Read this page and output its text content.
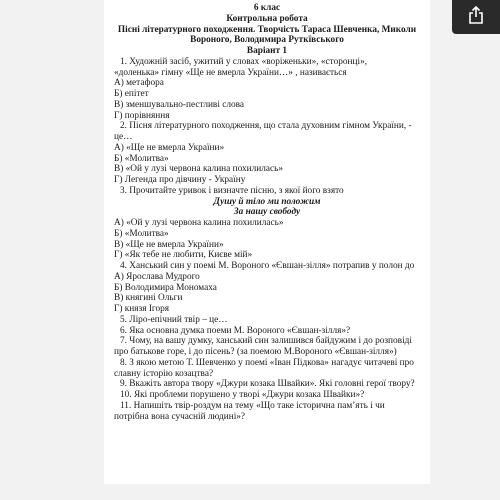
6 клас

Контрольна робота

Пісні літературного походження. Творчість Тараса Шевченка, Миколи

Вороного, Володимира Руткївського

Варіант 1

1. Художній засіб, ужитий у словах «воріженьки», «сторонці»,

«доленька» гімну «Ще не вмерла України…» , називається

А) метафора

Б) епітет

В) зменшувально-пестливі слова

Г) порівняння

2. Пісня літературного походження, що стала духовним гімном України, -

це…

А) «Ще не вмерла України»

Б) «Молитва»

В) «Ой у лузі червона калина похилилась»

Г) Легенда про дівчину - Україну

3. Прочитайте уривок і визначте пісню, з якої його взято

Душу й тіло ми положим

За нашу свободу

А) «Ой у лузі червона калина похилилась»

Б) «Молитва»

В) «Ще не вмерла України»

Г) «Як тебе не любити, Києве мій»

4. Ханський син у поемі М. Вороного «Євшан-зілля» потрапив у полон до

А) Ярослава Мудрого

Б) Володимира Мономаха

В) княгині Ольги

Г) князя Ігоря

5. Ліро-епічний твір – це…

6. Яка основна думка поеми М. Вороного «Євшан-зілля»?

7. Чому, на вашу думку, ханський син залишився байдужим і до розповіді

про батькове горе, і до пісень? (за поемою М.Вороного «Євшан-зілля»)

8. З якою метою Т. Шевченко у поемі «Іван Підкова» нагадує читачеві про

славну історію козацтва?

9. Вкажіть автора твору «Джури козака Швайки». Які головні герої твору?

10. Які проблеми порушено у творі «Джури козака Швайки»?

11. Напишіть твір-роздум на тему «Що таке історична пам’ять і чи

потрібна вона сучасній людині»?
